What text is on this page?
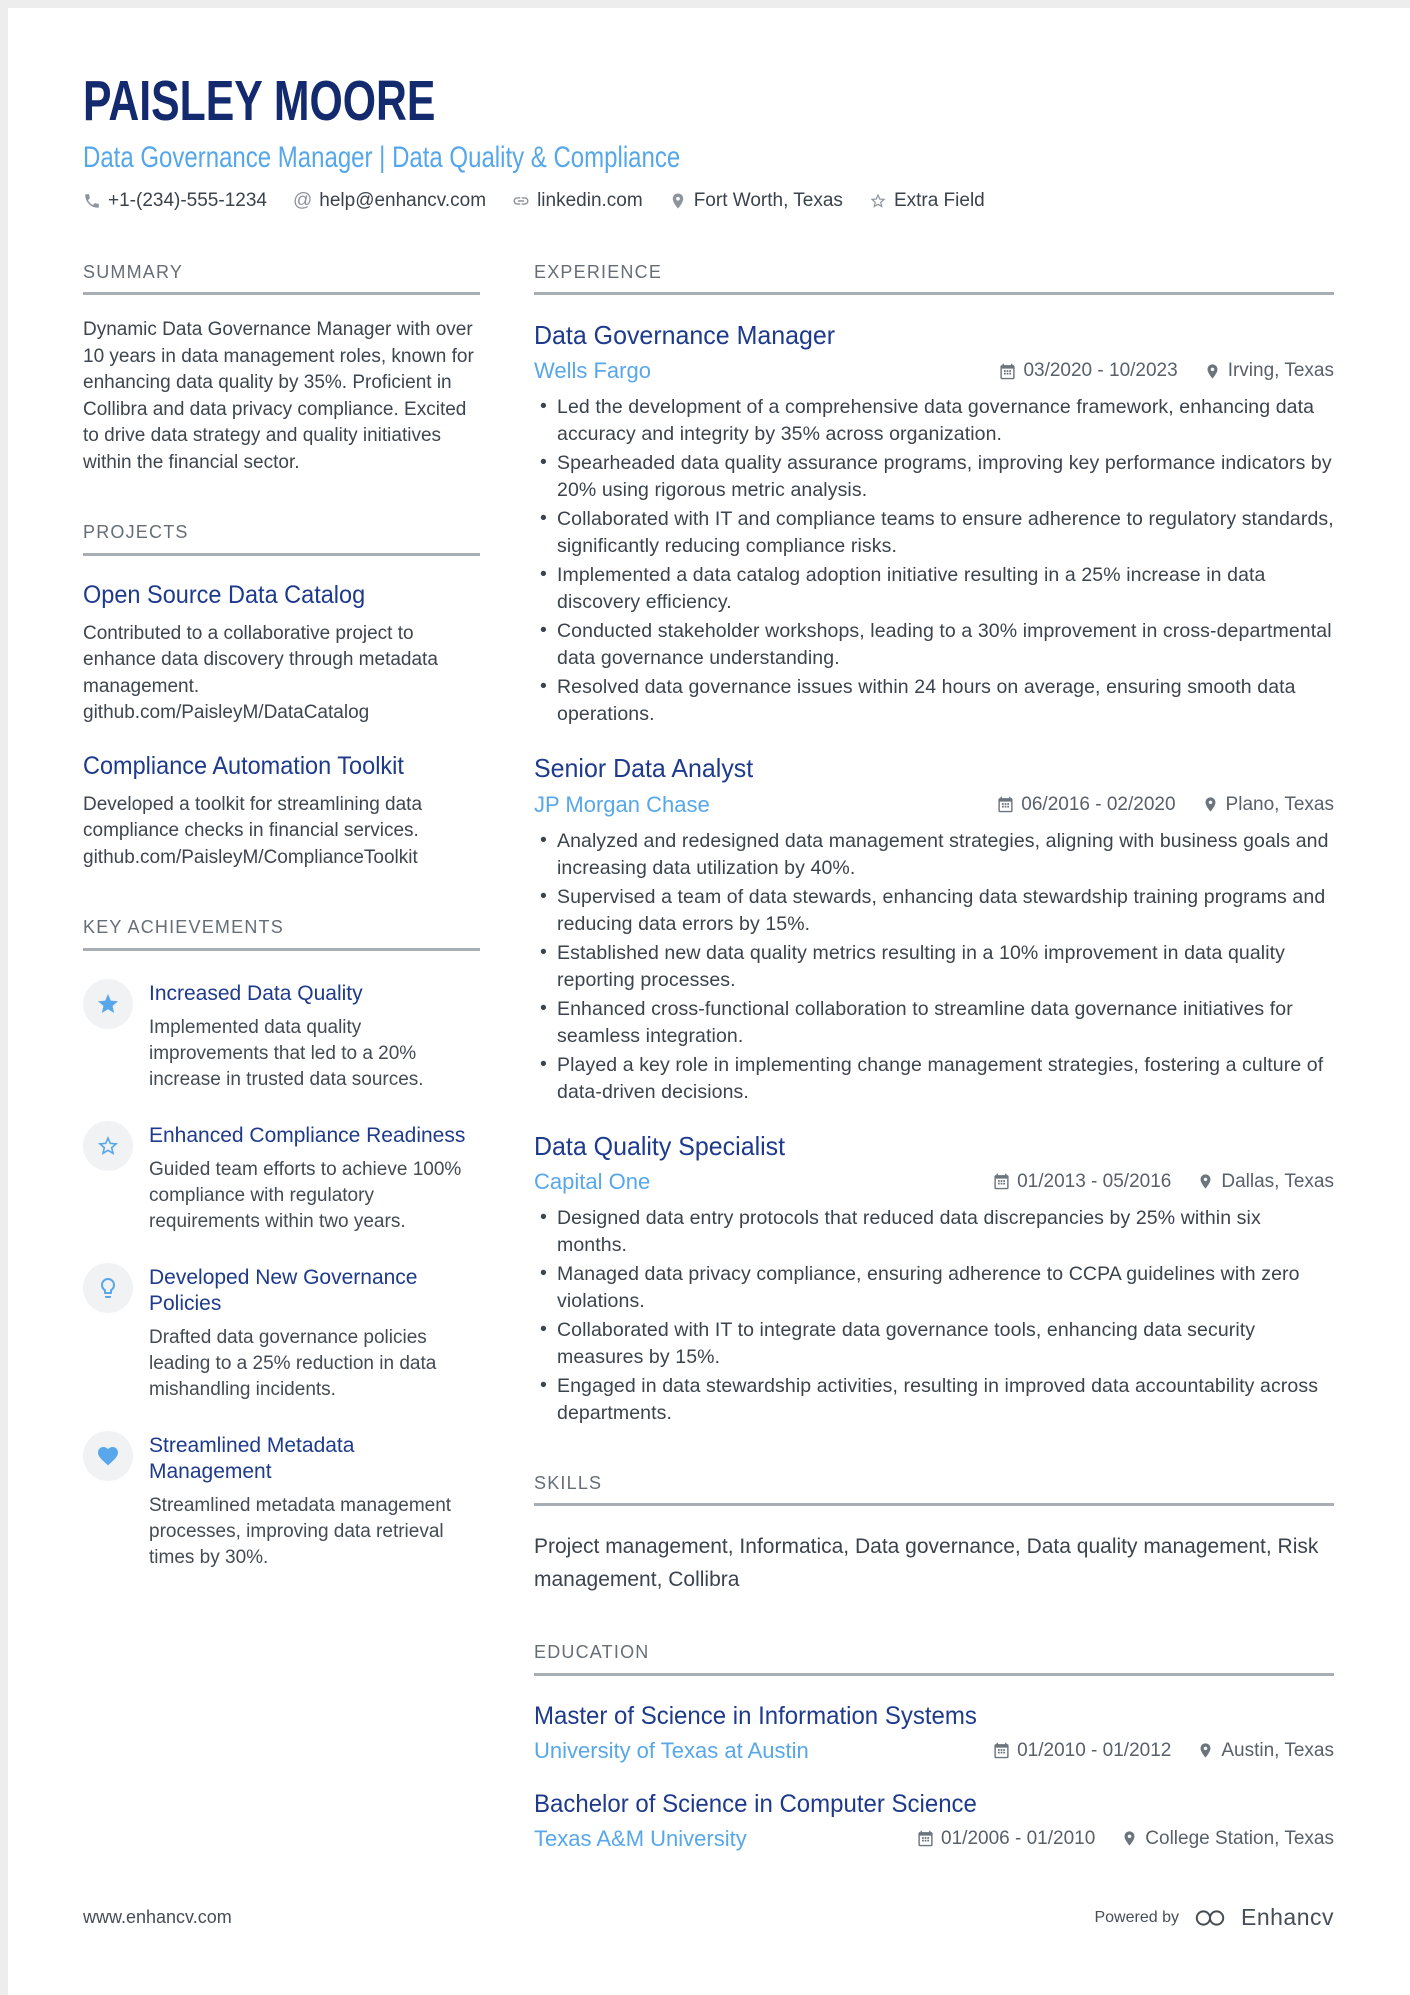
PAISLEY MOORE
Data Governance Manager | Data Quality & Compliance
+1-(234)-555-1234 @ help@enhancv.com	linkedin.com	Fort Worth, Texas	Extra Field
SUMMARY

Dynamic Data Governance Manager with over 10 years in data management roles, known for enhancing data quality by 35%. Proficient in Collibra and data privacy compliance. Excited to drive data strategy and quality initiatives within the financial sector.

PROJECTS
Open Source Data Catalog

Contributed to a collaborative project to enhance data discovery through metadata management.

github.com/PaisleyM/DataCatalog

Compliance Automation Toolkit

Developed a toolkit for streamlining data compliance checks in financial services.

github.com/PaisleyM/ComplianceToolkit

KEY ACHIEVEMENTS
Increased Data Quality

Implemented data quality improvements that led to a 20% increase in trusted data sources.

Enhanced Compliance Readiness

Guided team efforts to achieve 100% compliance with regulatory requirements within two years.

Developed New Governance Policies

Drafted data governance policies leading to a 25% reduction in data mishandling incidents.

Streamlined Metadata Management

Streamlined metadata management processes, improving data retrieval times by 30%.

EXPERIENCE
Data Governance Manager
Wells Fargo	03/2020 - 10/2023	Irving, Texas
• Led the development of a comprehensive data governance framework, enhancing data accuracy and integrity by 35% across organization.
• Spearheaded data quality assurance programs, improving key performance indicators by 20% using rigorous metric analysis.
• Collaborated with IT and compliance teams to ensure adherence to regulatory standards, significantly reducing compliance risks.
• Implemented a data catalog adoption initiative resulting in a 25% increase in data discovery efficiency.
• Conducted stakeholder workshops, leading to a 30% improvement in cross-departmental data governance understanding.
• Resolved data governance issues within 24 hours on average, ensuring smooth data operations.
Senior Data Analyst
JP Morgan Chase	06/2016 - 02/2020	Plano, Texas
• Analyzed and redesigned data management strategies, aligning with business goals and increasing data utilization by 40%.
• Supervised a team of data stewards, enhancing data stewardship training programs and reducing data errors by 15%.
• Established new data quality metrics resulting in a 10% improvement in data quality reporting processes.
• Enhanced cross-functional collaboration to streamline data governance initiatives for seamless integration.
• Played a key role in implementing change management strategies, fostering a culture of data-driven decisions.
Data Quality Specialist
Capital One	01/2013 - 05/2016	Dallas, Texas
• Designed data entry protocols that reduced data discrepancies by 25% within six months.
• Managed data privacy compliance, ensuring adherence to CCPA guidelines with zero violations.
• Collaborated with IT to integrate data governance tools, enhancing data security measures by 15%.
• Engaged in data stewardship activities, resulting in improved data accountability across departments.
SKILLS

Project management, Informatica, Data governance, Data quality management, Risk management, Collibra

EDUCATION
Master of Science in Information Systems
University of Texas at Austin	01/2010 - 01/2012	Austin, Texas
Bachelor of Science in Computer Science
Texas A&M University	01/2006 - 01/2010	College Station, Texas
www.enhancv.com	Powered by	Enhancv
